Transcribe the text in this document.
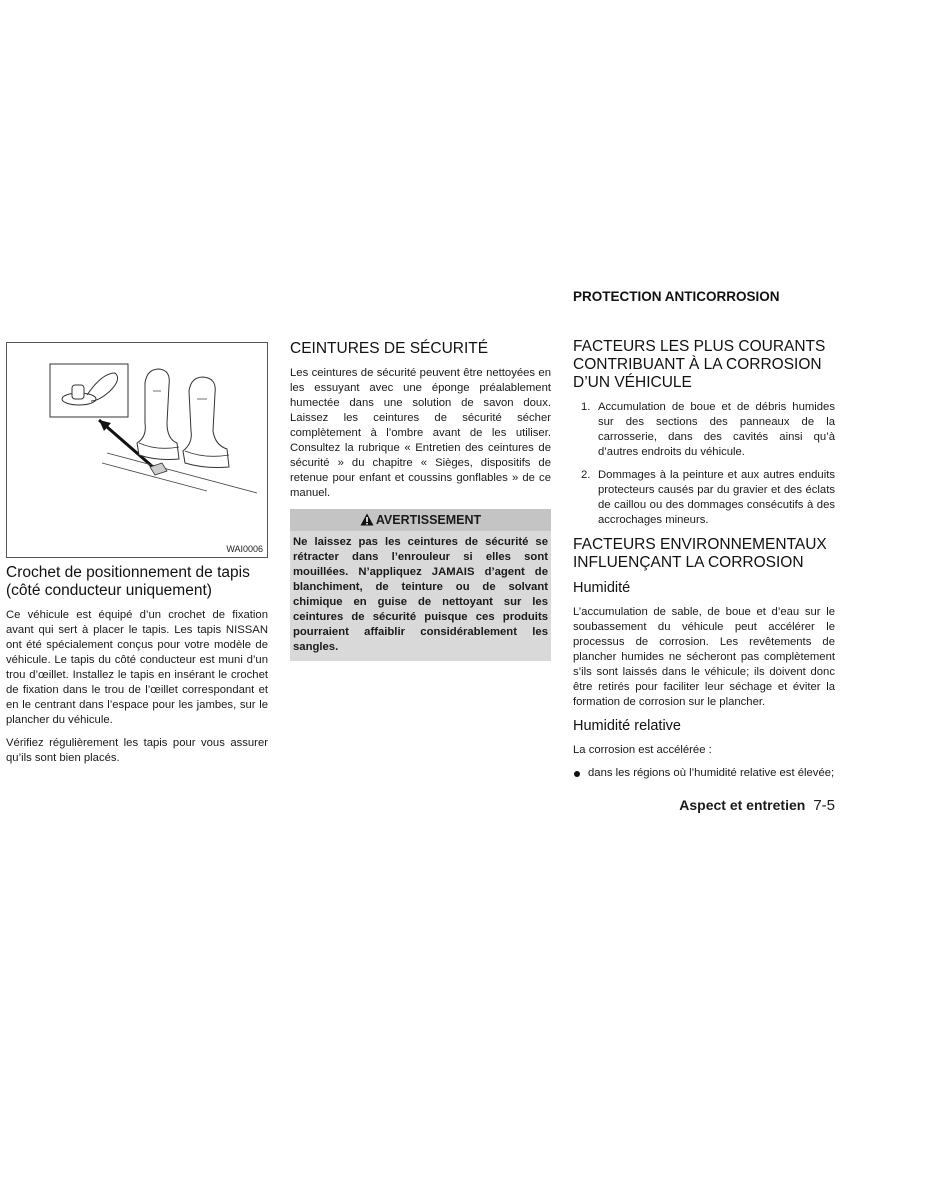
PROTECTION ANTICORROSION
FACTEURS LES PLUS COURANTS CONTRIBUANT À LA CORROSION D’UN VÉHICULE
1. Accumulation de boue et de débris humides sur des sections des panneaux de la carrosserie, dans des cavités ainsi qu’à d’autres endroits du véhicule.
2. Dommages à la peinture et aux autres enduits protecteurs causés par du gravier et des éclats de caillou ou des dommages consécutifs à des accrochages mineurs.
FACTEURS ENVIRONNEMENTAUX INFLUENÇANT LA CORROSION
Humidité

L’accumulation de sable, de boue et d’eau sur le soubassement du véhicule peut accélérer le processus de corrosion. Les revêtements de plancher humides ne sécheront pas complètement s’ils sont laissés dans le véhicule; ils doivent donc être retirés pour faciliter leur séchage et éviter la formation de corrosion sur le plancher.

Humidité relative

La corrosion est accélérée :

dans les régions où l’humidité relative est élevée;
WAI0006
Crochet de positionnement de tapis (côté conducteur uniquement)

Ce véhicule est équipé d’un crochet de fixation avant qui sert à placer le tapis. Les tapis NISSAN ont été spécialement conçus pour votre modèle de véhicule. Le tapis du côté conducteur est muni d’un trou d’œillet. Installez le tapis en insérant le crochet de fixation dans le trou de l’œillet correspondant et en le centrant dans l’espace pour les jambes, sur le plancher du véhicule.

Vérifiez régulièrement les tapis pour vous assurer qu’ils sont bien placés.

CEINTURES DE SÉCURITÉ

Les ceintures de sécurité peuvent être nettoyées en les essuyant avec une éponge préalablement humectée dans une solution de savon doux. Laissez les ceintures de sécurité sécher complètement à l’ombre avant de les utiliser. Consultez la rubrique « Entretien des ceintures de sécurité » du chapitre « Sièges, dispositifs de retenue pour enfant et coussins gonflables » de ce manuel.

AVERTISSEMENT
Ne laissez pas les ceintures de sécurité se rétracter dans l’enrouleur si elles sont mouillées. N’appliquez JAMAIS d’agent de blanchiment, de teinture ou de solvant chimique en guise de nettoyant sur les ceintures de sécurité puisque ces produits pourraient affaiblir considérablement les sangles.
Aspect et entretien 7-5
